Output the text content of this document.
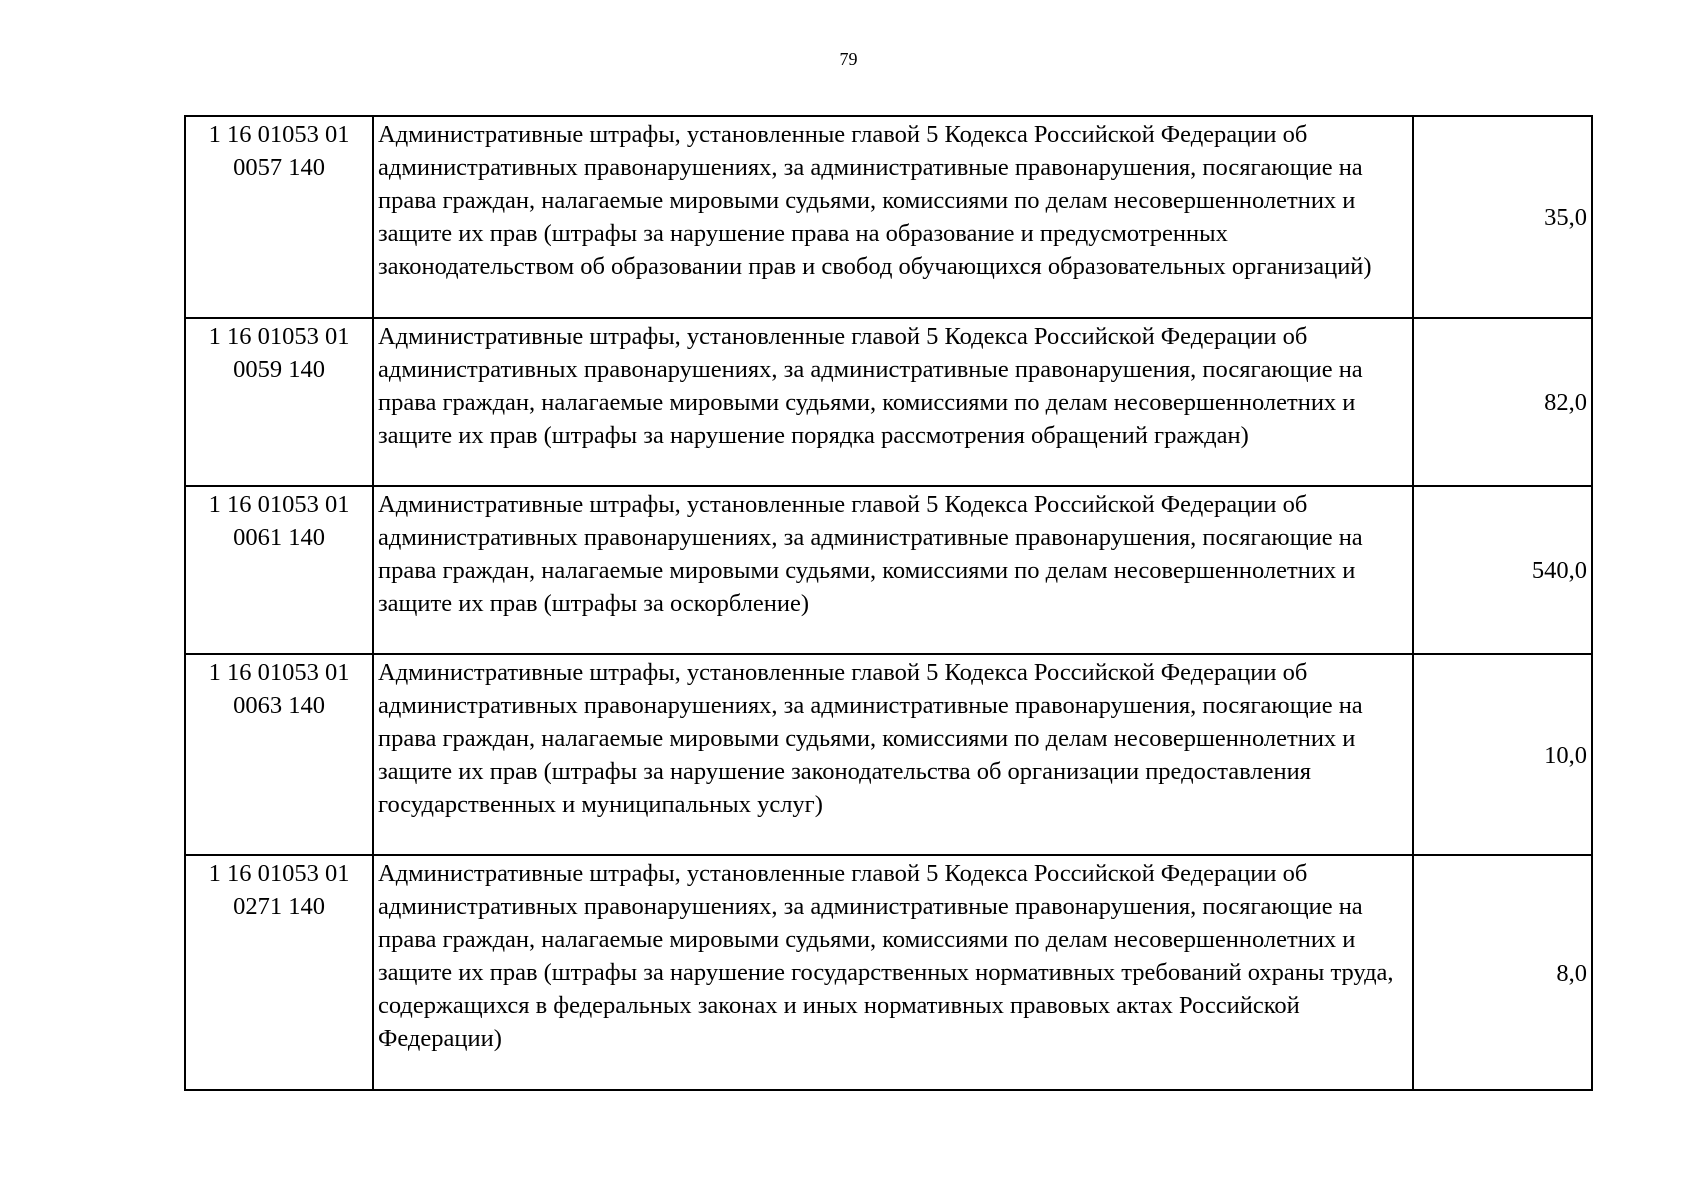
79
1 16 01053 01
0057 140	Административные штрафы, установленные главой 5 Кодекса Российской Федерации об административных правонарушениях, за административные правонарушения, посягающие на права граждан, налагаемые мировыми судьями, комиссиями по делам несовершеннолетних и защите их прав (штрафы за нарушение права на образование и предусмотренных законодательством об образовании прав и свобод обучающихся образовательных организаций)	35,0

1 16 01053 01
0059 140	Административные штрафы, установленные главой 5 Кодекса Российской Федерации об административных правонарушениях, за административные правонарушения, посягающие на права граждан, налагаемые мировыми судьями, комиссиями по делам несовершеннолетних и защите их прав (штрафы за нарушение порядка рассмотрения обращений граждан)	82,0

1 16 01053 01
0061 140	Административные штрафы, установленные главой 5 Кодекса Российской Федерации об административных правонарушениях, за административные правонарушения, посягающие на права граждан, налагаемые мировыми судьями, комиссиями по делам несовершеннолетних и защите их прав (штрафы за оскорбление)	540,0

1 16 01053 01
0063 140	Административные штрафы, установленные главой 5 Кодекса Российской Федерации об административных правонарушениях, за административные правонарушения, посягающие на права граждан, налагаемые мировыми судьями, комиссиями по делам несовершеннолетних и защите их прав (штрафы за нарушение законодательства об организации предоставления государственных и муниципальных услуг)	10,0

1 16 01053 01
0271 140	Административные штрафы, установленные главой 5 Кодекса Российской Федерации об административных правонарушениях, за административные правонарушения, посягающие на права граждан, налагаемые мировыми судьями, комиссиями по делам несовершеннолетних и защите их прав (штрафы за нарушение государственных нормативных требований охраны труда, содержащихся в федеральных законах и иных нормативных правовых актах Российской Федерации)	8,0
